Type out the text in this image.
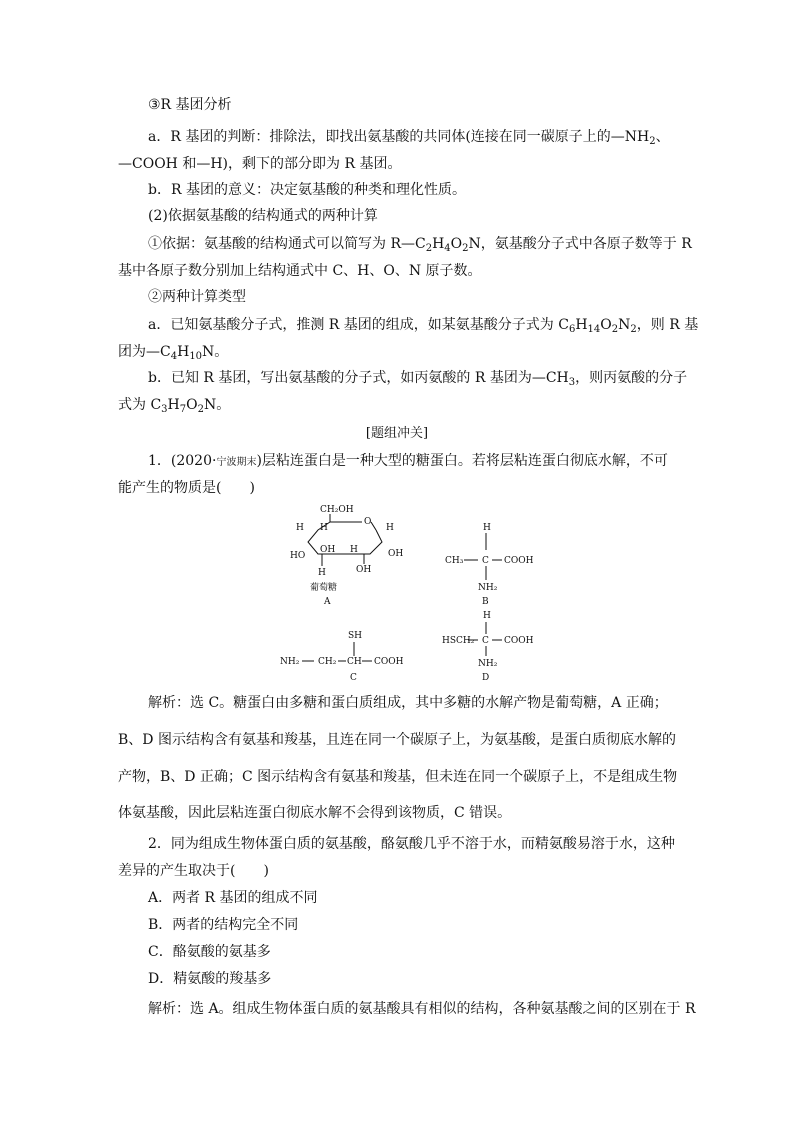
③R 基团分析
a．R 基团的判断：排除法，即找出氨基酸的共同体(连接在同一碳原子上的$—NH_2$、
—COOH 和—H)，剩下的部分即为 R 基团。
b．R 基团的意义：决定氨基酸的种类和理化性质。
(2)依据氨基酸的结构通式的两种计算
①依据：氨基酸的结构通式可以简写为 $R—C_2H_4O_2N$，氨基酸分子式中各原子数等于 R
基中各原子数分别加上结构通式中 C、H、O、N 原子数。
②两种计算类型
a．已知氨基酸分子式，推测 R 基团的组成，如某氨基酸分子式为 $C_6H_{14}O_2N_2$，则 R 基
团为$—C_4H_{10}N$。
b．已知 R 基团，写出氨基酸的分子式，如丙氨酸的 R 基团为$—CH_3$，则丙氨酸的分子
式为 $C_3H_7O_2N$。
[题组冲关]
1．(2020·宁波期末)层粘连蛋白是一种大型的糖蛋白。若将层粘连蛋白彻底水解，不可
能产生的物质是(　　)
CH₂OH
O
H
HO
H
OH H
H
OH
H	OH
葡萄糖
A
H
CH₃ C COOH
NH₂
B
SH
NH₂ CH₂ CH COOH
C
H
HSCH₂ C COOH
NH₂
D
解析：选 C。糖蛋白由多糖和蛋白质组成，其中多糖的水解产物是葡萄糖，A 正确；
B、D 图示结构含有氨基和羧基，且连在同一个碳原子上，为氨基酸，是蛋白质彻底水解的
产物，B、D 正确；C 图示结构含有氨基和羧基，但未连在同一个碳原子上，不是组成生物
体氨基酸，因此层粘连蛋白彻底水解不会得到该物质，C 错误。
2．同为组成生物体蛋白质的氨基酸，酪氨酸几乎不溶于水，而精氨酸易溶于水，这种
差异的产生取决于(　　)
A．两者 R 基团的组成不同
B．两者的结构完全不同
C．酪氨酸的氨基多
D．精氨酸的羧基多
解析：选 A。组成生物体蛋白质的氨基酸具有相似的结构，各种氨基酸之间的区别在于 R
